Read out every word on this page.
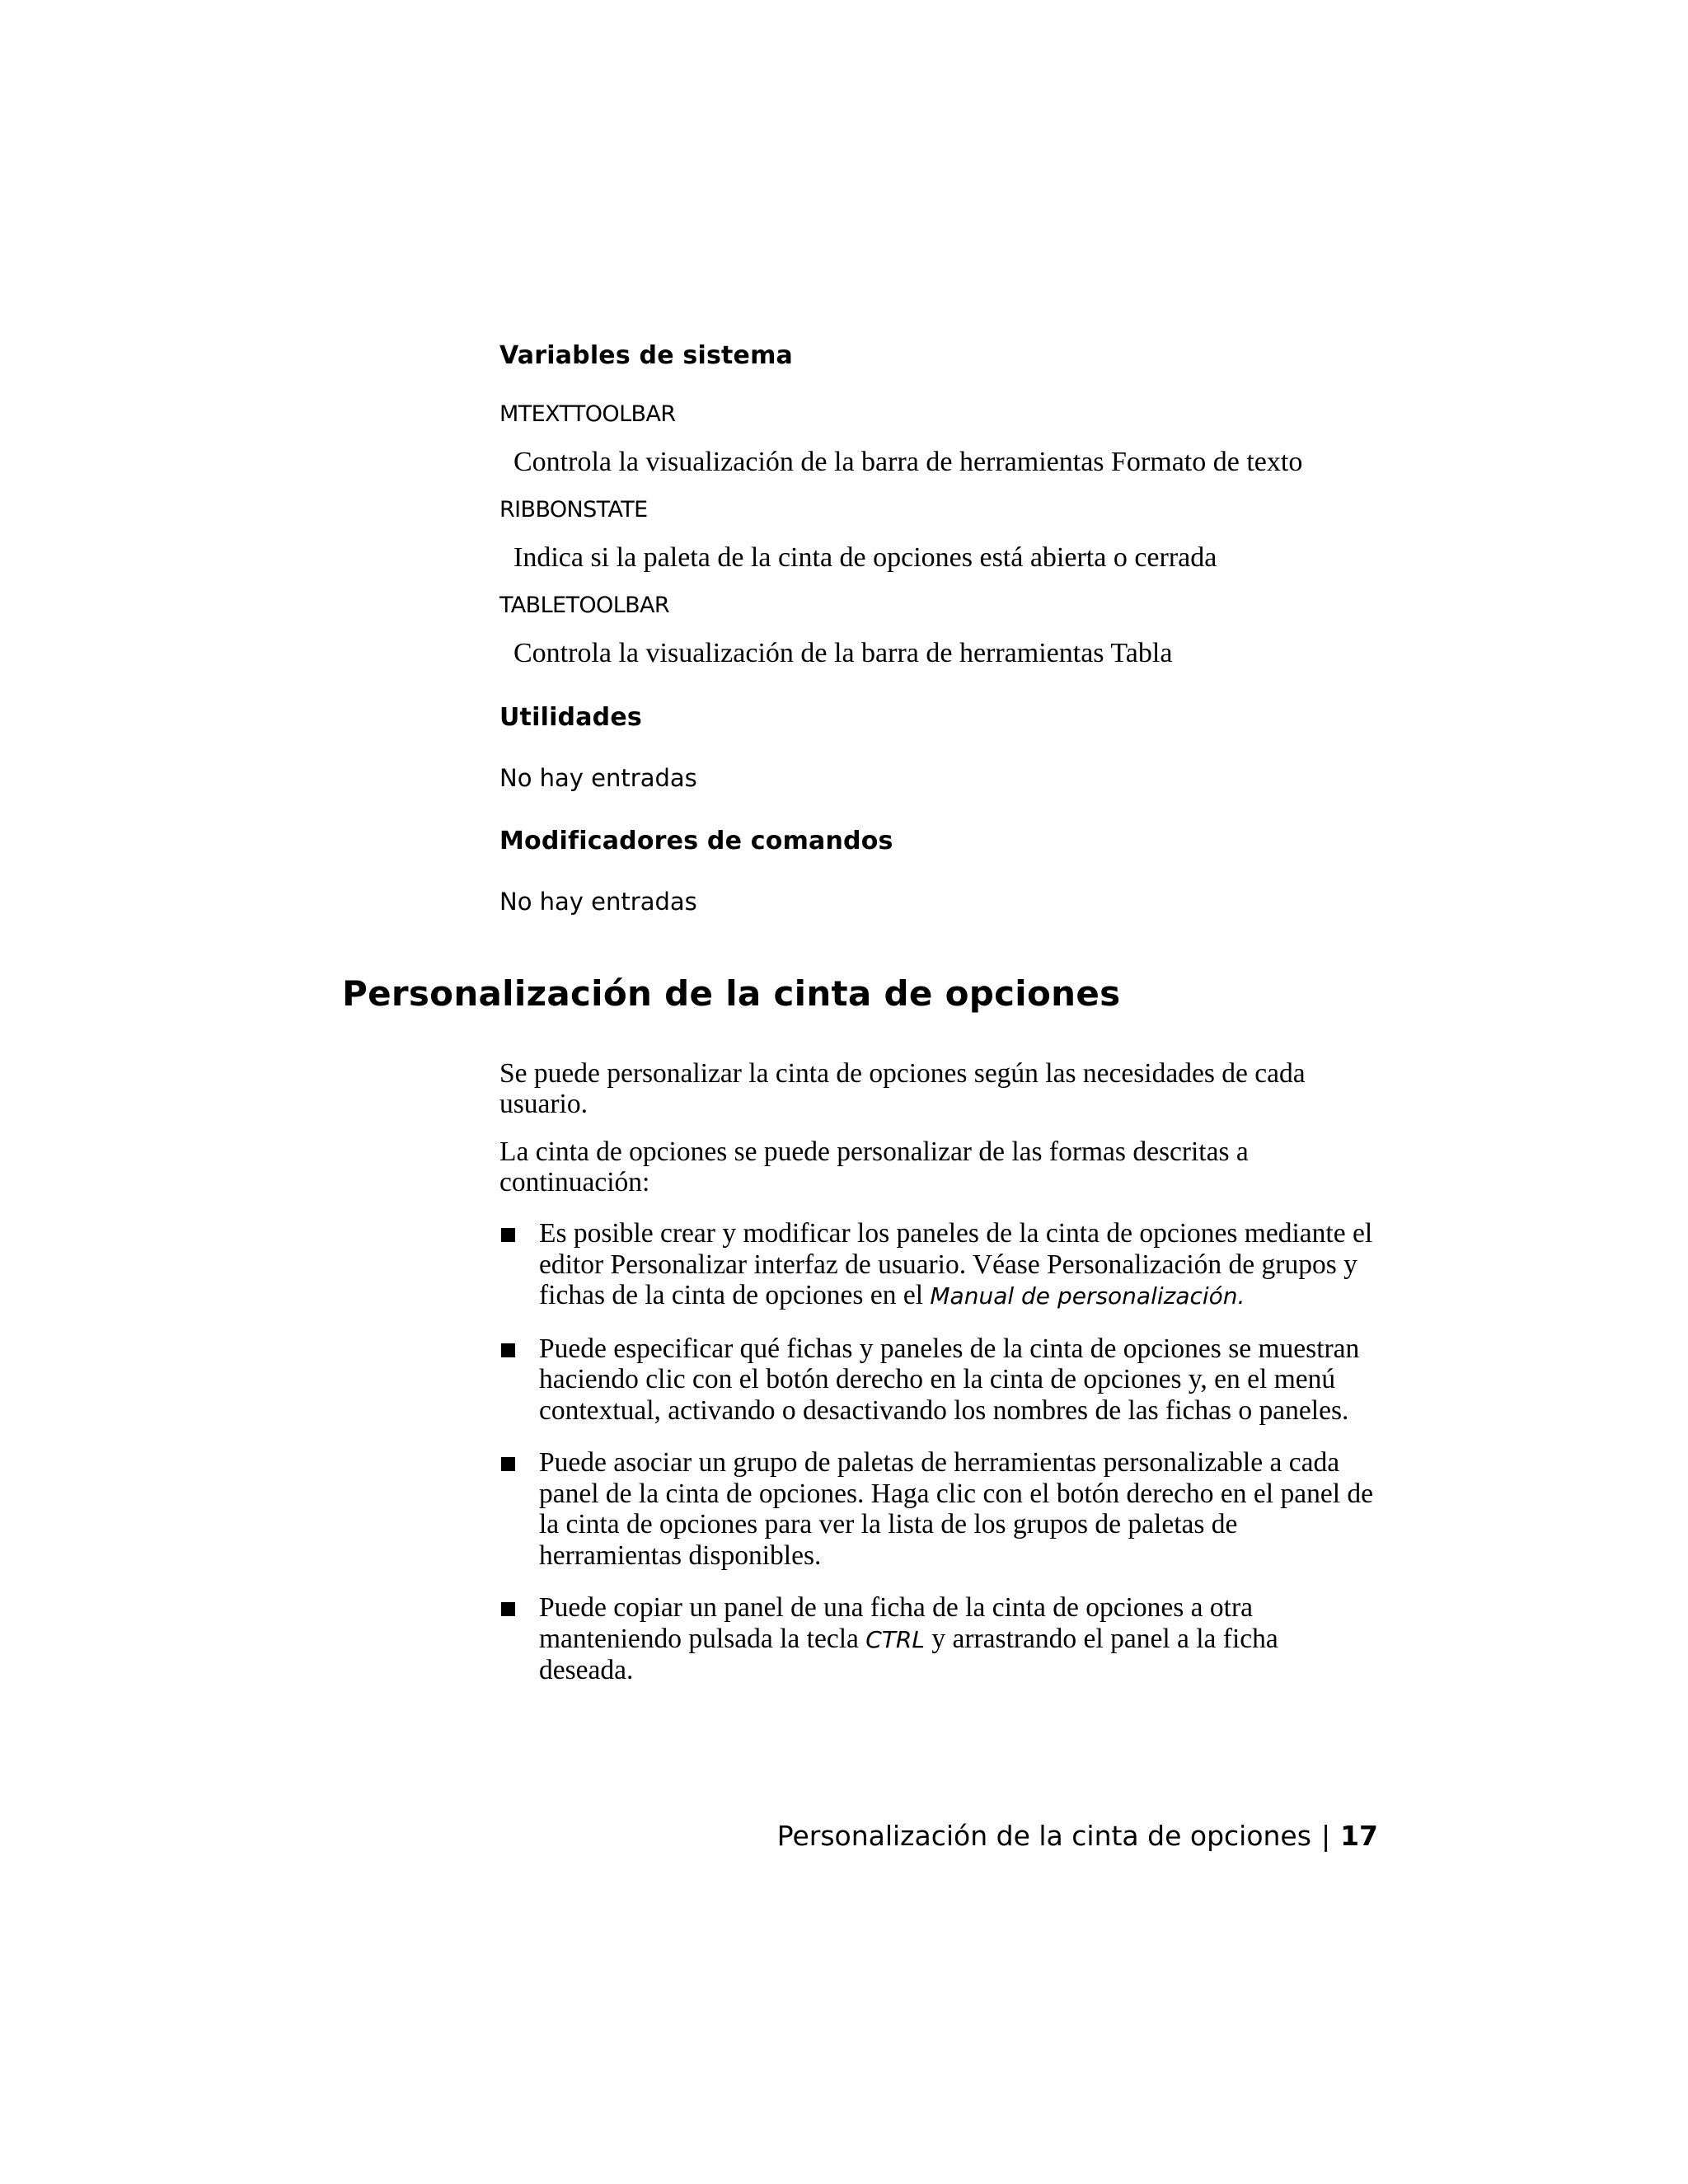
Variables de sistema
MTEXTTOOLBAR
Controla la visualización de la barra de herramientas Formato de texto
RIBBONSTATE
Indica si la paleta de la cinta de opciones está abierta o cerrada
TABLETOOLBAR
Controla la visualización de la barra de herramientas Tabla
Utilidades
No hay entradas
Modificadores de comandos
No hay entradas
Personalización de la cinta de opciones
Se puede personalizar la cinta de opciones según las necesidades de cada usuario.
La cinta de opciones se puede personalizar de las formas descritas a continuación:
Es posible crear y modificar los paneles de la cinta de opciones mediante el editor Personalizar interfaz de usuario. Véase Personalización de grupos y fichas de la cinta de opciones en el Manual de personalización.
Puede especificar qué fichas y paneles de la cinta de opciones se muestran haciendo clic con el botón derecho en la cinta de opciones y, en el menú contextual, activando o desactivando los nombres de las fichas o paneles.
Puede asociar un grupo de paletas de herramientas personalizable a cada panel de la cinta de opciones. Haga clic con el botón derecho en el panel de la cinta de opciones para ver la lista de los grupos de paletas de herramientas disponibles.
Puede copiar un panel de una ficha de la cinta de opciones a otra manteniendo pulsada la tecla CTRL y arrastrando el panel a la ficha deseada.
Personalización de la cinta de opciones | 17
